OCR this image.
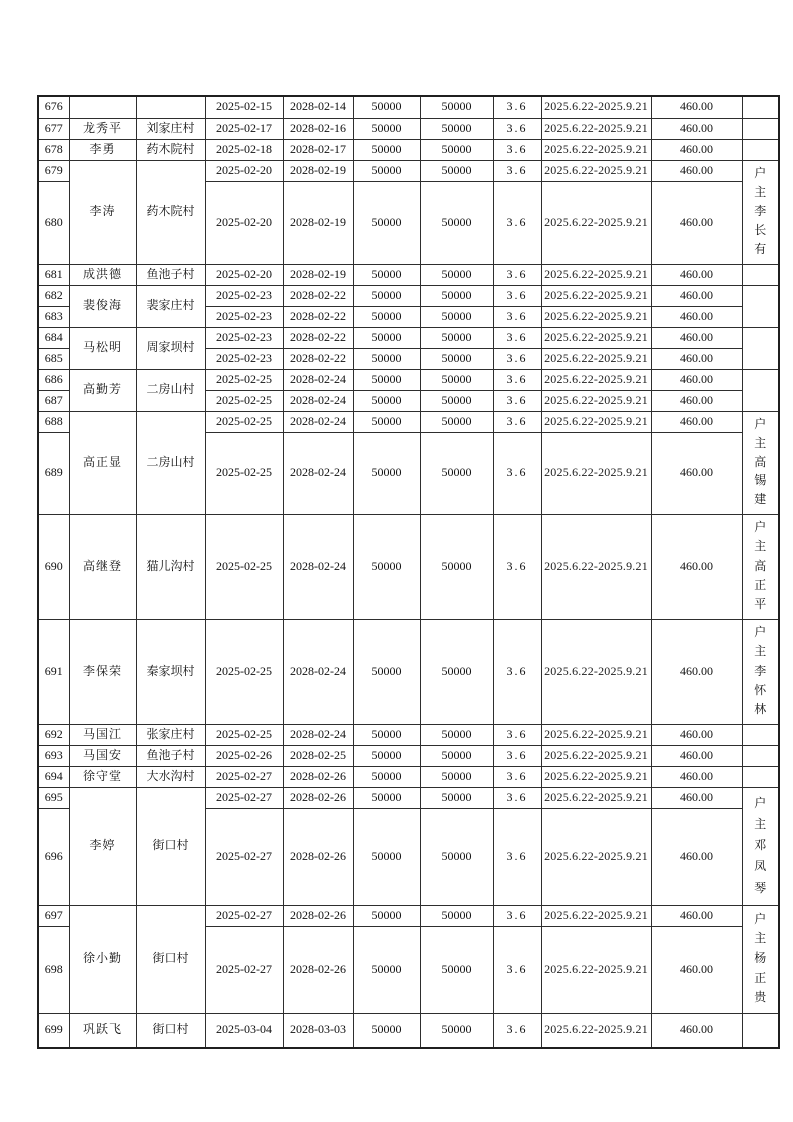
676			2025-02-15	2028-02-14	50000	50000	3.6	2025.6.22-2025.9.21	460.00	

677	龙秀平	刘家庄村	2025-02-17	2028-02-16	50000	50000	3.6	2025.6.22-2025.9.21	460.00	

678	李勇	药木院村	2025-02-18	2028-02-17	50000	50000	3.6	2025.6.22-2025.9.21	460.00	

679	李涛	药木院村	2025-02-20	2028-02-19	50000	50000	3.6	2025.6.22-2025.9.21	460.00	户
主
李
长
有

680			2025-02-20	2028-02-19	50000	50000	3.6	2025.6.22-2025.9.21	460.00	
681	成洪德	鱼池子村	2025-02-20	2028-02-19	50000	50000	3.6	2025.6.22-2025.9.21	460.00	

682	裴俊海	裴家庄村	2025-02-23	2028-02-22	50000	50000	3.6	2025.6.22-2025.9.21	460.00	

683			2025-02-23	2028-02-22	50000	50000	3.6	2025.6.22-2025.9.21	460.00	
684	马松明	周家坝村	2025-02-23	2028-02-22	50000	50000	3.6	2025.6.22-2025.9.21	460.00	

685			2025-02-23	2028-02-22	50000	50000	3.6	2025.6.22-2025.9.21	460.00	
686	高勤芳	二房山村	2025-02-25	2028-02-24	50000	50000	3.6	2025.6.22-2025.9.21	460.00	

687			2025-02-25	2028-02-24	50000	50000	3.6	2025.6.22-2025.9.21	460.00	
688	高正显	二房山村	2025-02-25	2028-02-24	50000	50000	3.6	2025.6.22-2025.9.21	460.00	户
主
高
锡
建

689			2025-02-25	2028-02-24	50000	50000	3.6	2025.6.22-2025.9.21	460.00	
690	高继登	猫儿沟村	2025-02-25	2028-02-24	50000	50000	3.6	2025.6.22-2025.9.21	460.00	户
主
高
正
平

691	李保荣	秦家坝村	2025-02-25	2028-02-24	50000	50000	3.6	2025.6.22-2025.9.21	460.00	户
主
李
怀
林

692	马国江	张家庄村	2025-02-25	2028-02-24	50000	50000	3.6	2025.6.22-2025.9.21	460.00	

693	马国安	鱼池子村	2025-02-26	2028-02-25	50000	50000	3.6	2025.6.22-2025.9.21	460.00	

694	徐守堂	大水沟村	2025-02-27	2028-02-26	50000	50000	3.6	2025.6.22-2025.9.21	460.00	

695	李婷	街口村	2025-02-27	2028-02-26	50000	50000	3.6	2025.6.22-2025.9.21	460.00	户
主
邓
凤
琴

696			2025-02-27	2028-02-26	50000	50000	3.6	2025.6.22-2025.9.21	460.00	
697	徐小勤	街口村	2025-02-27	2028-02-26	50000	50000	3.6	2025.6.22-2025.9.21	460.00	户
主
杨
正
贵

698			2025-02-27	2028-02-26	50000	50000	3.6	2025.6.22-2025.9.21	460.00	
699	巩跃飞	街口村	2025-03-04	2028-03-03	50000	50000	3.6	2025.6.22-2025.9.21	460.00	
